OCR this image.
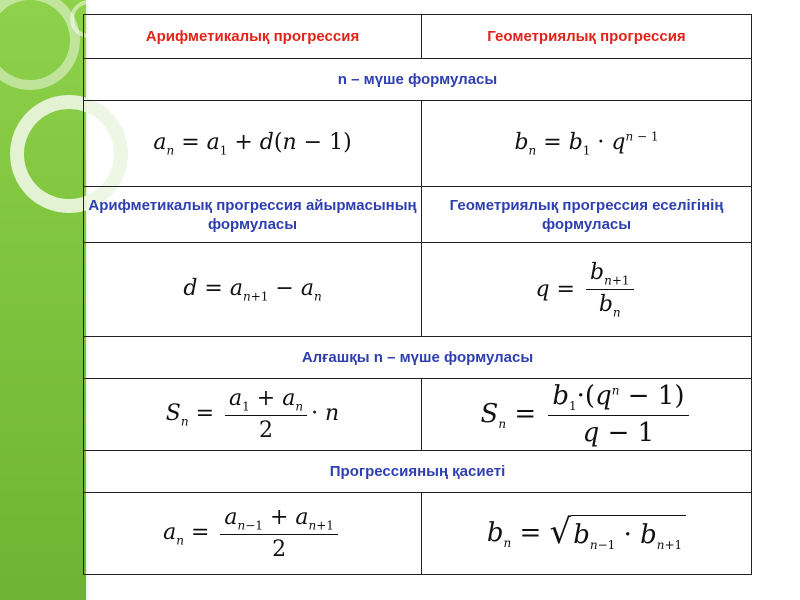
Арифметикалық прогрессия	Геометриялық прогрессия
n – мүше формуласы	
$a_n = a_1 + d(n - 1)$	$b_n = b_1 \cdot q^{n - 1}$
Арифметикалық прогрессия айырмасының формуласы	Геометриялық прогрессия еселігінің формуласы
$d = a_{n+1} - a_n$	$q = \frac{b_{n+1}}{b_n}$

Алғашқы n – мүше формуласы	
$S_n = \frac{a_1 + a_n}{2} \cdot n$	$S_n = \frac{b_1\cdot(q^n - 1)}{q - 1}$

Прогрессияның қасиеті	
$a_n = \frac{a_{n-1} + a_{n+1}}{2}$	$b_n$ = √ $b_{n-1} \cdot b_{n+1}$
